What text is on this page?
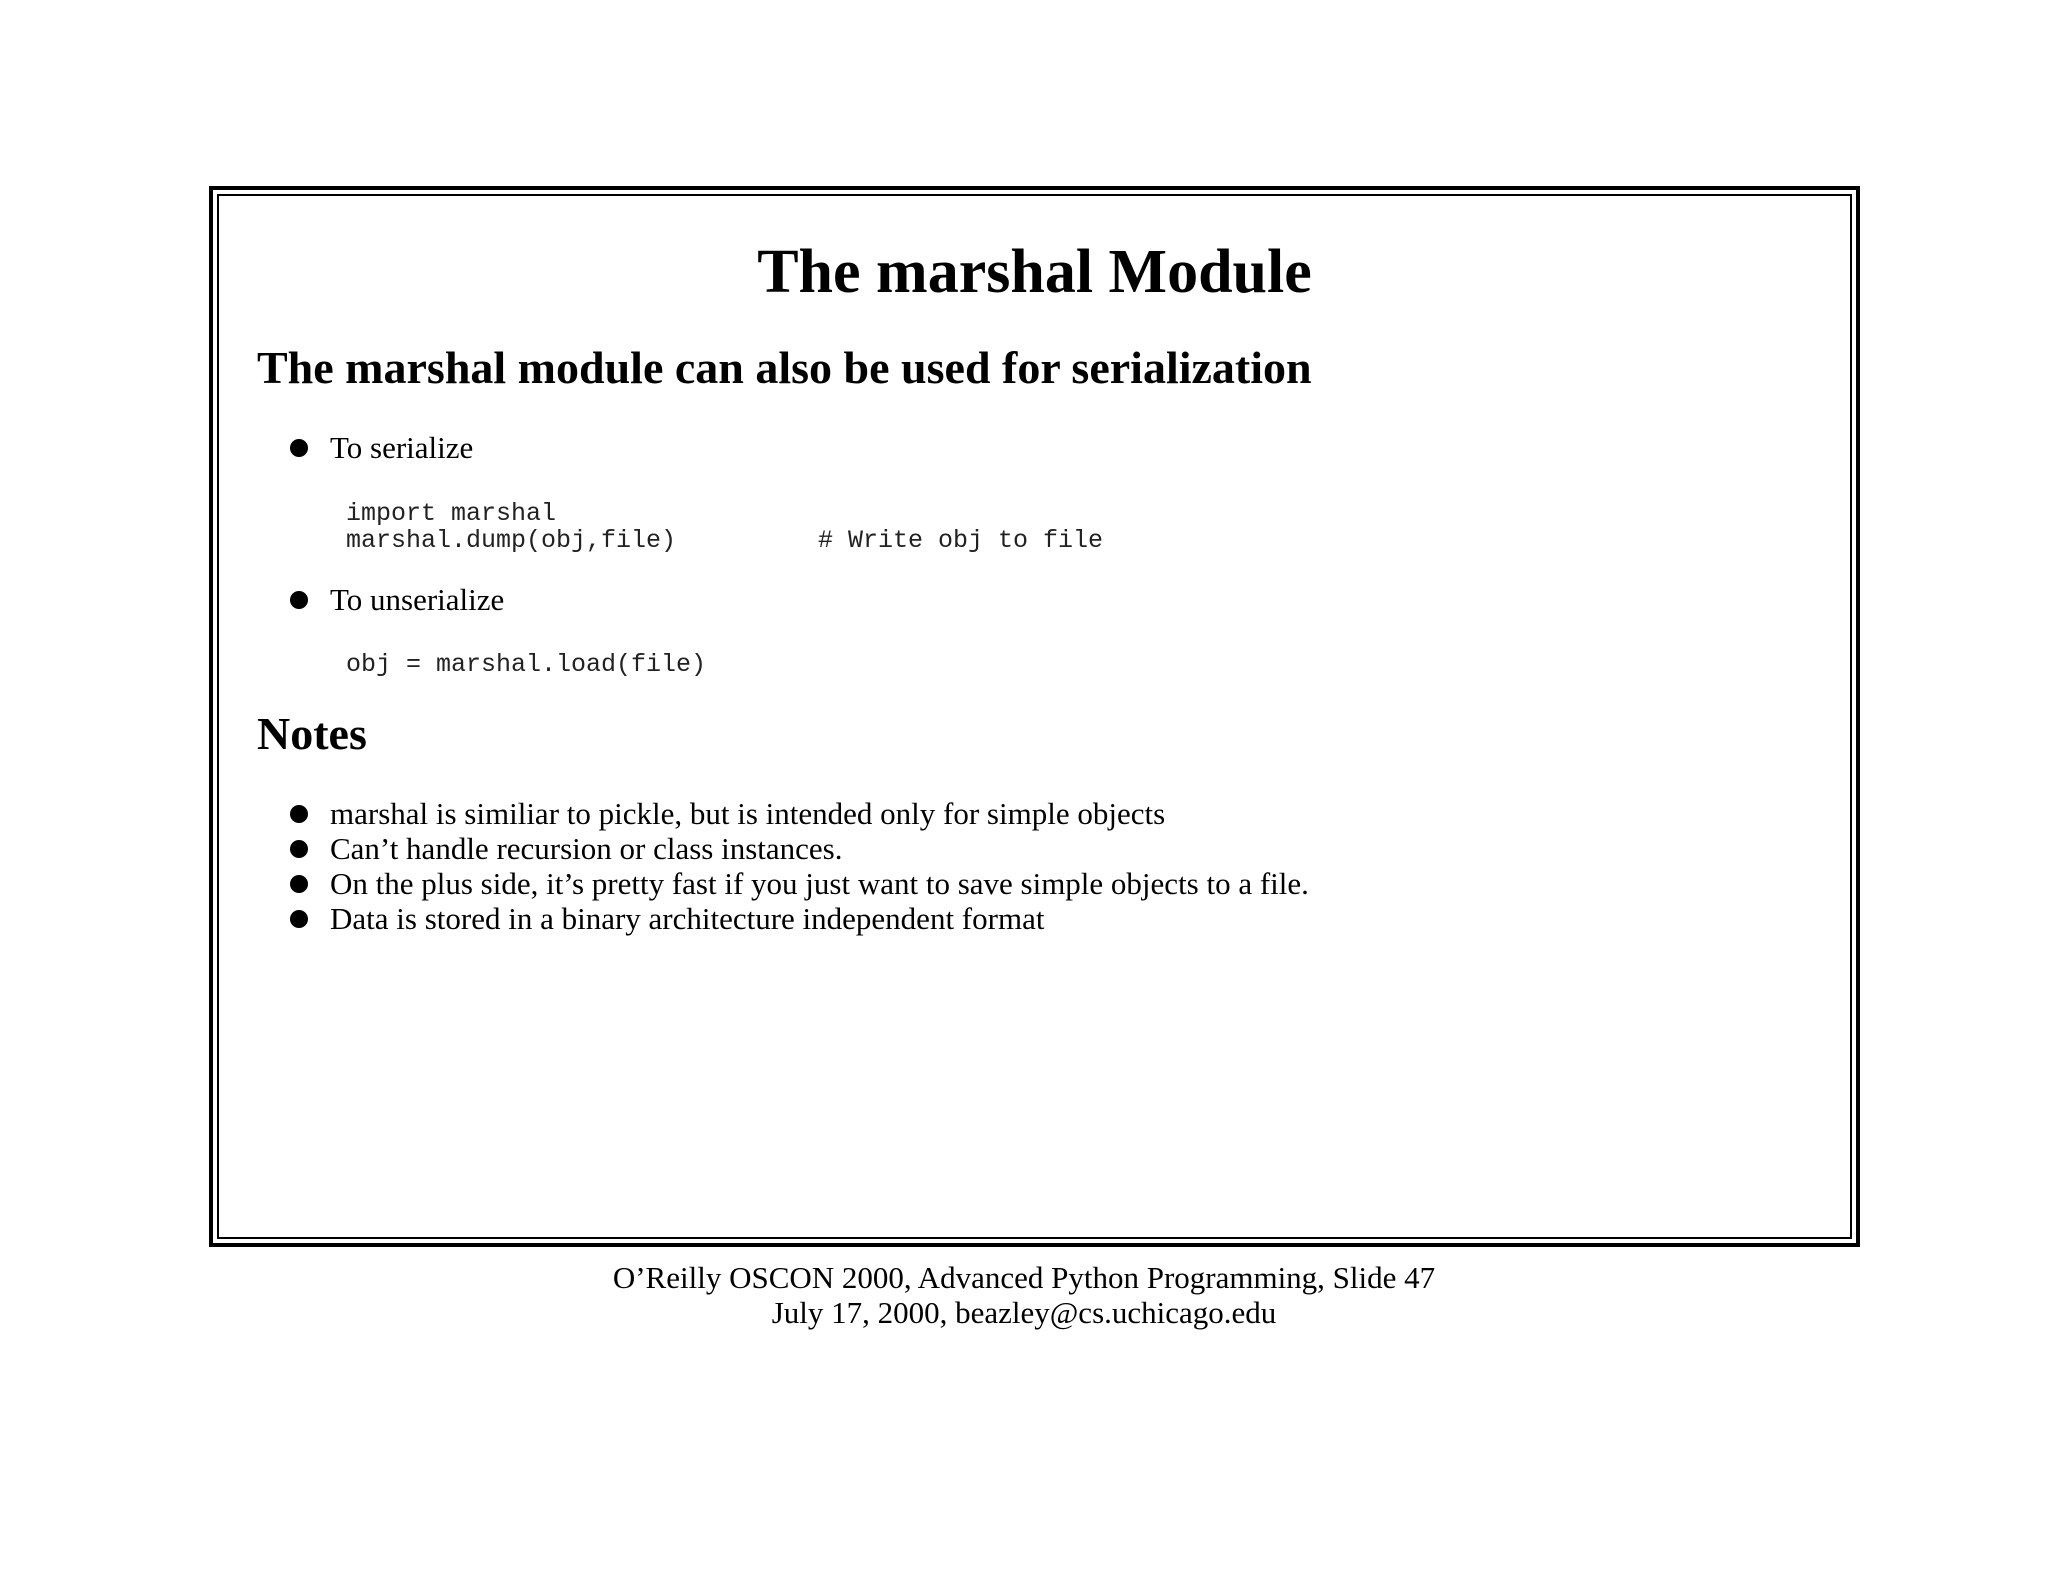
The marshal Module
The marshal module can also be used for serialization
To serialize
import marshal
marshal.dump(obj,file)	# Write obj to file
To unserialize
obj = marshal.load(file)
Notes
marshal is similiar to pickle, but is intended only for simple objects
Can’t handle recursion or class instances.
On the plus side, it’s pretty fast if you just want to save simple objects to a file.
Data is stored in a binary architecture independent format
O’Reilly OSCON 2000, Advanced Python Programming, Slide 47
July 17, 2000, beazley@cs.uchicago.edu
